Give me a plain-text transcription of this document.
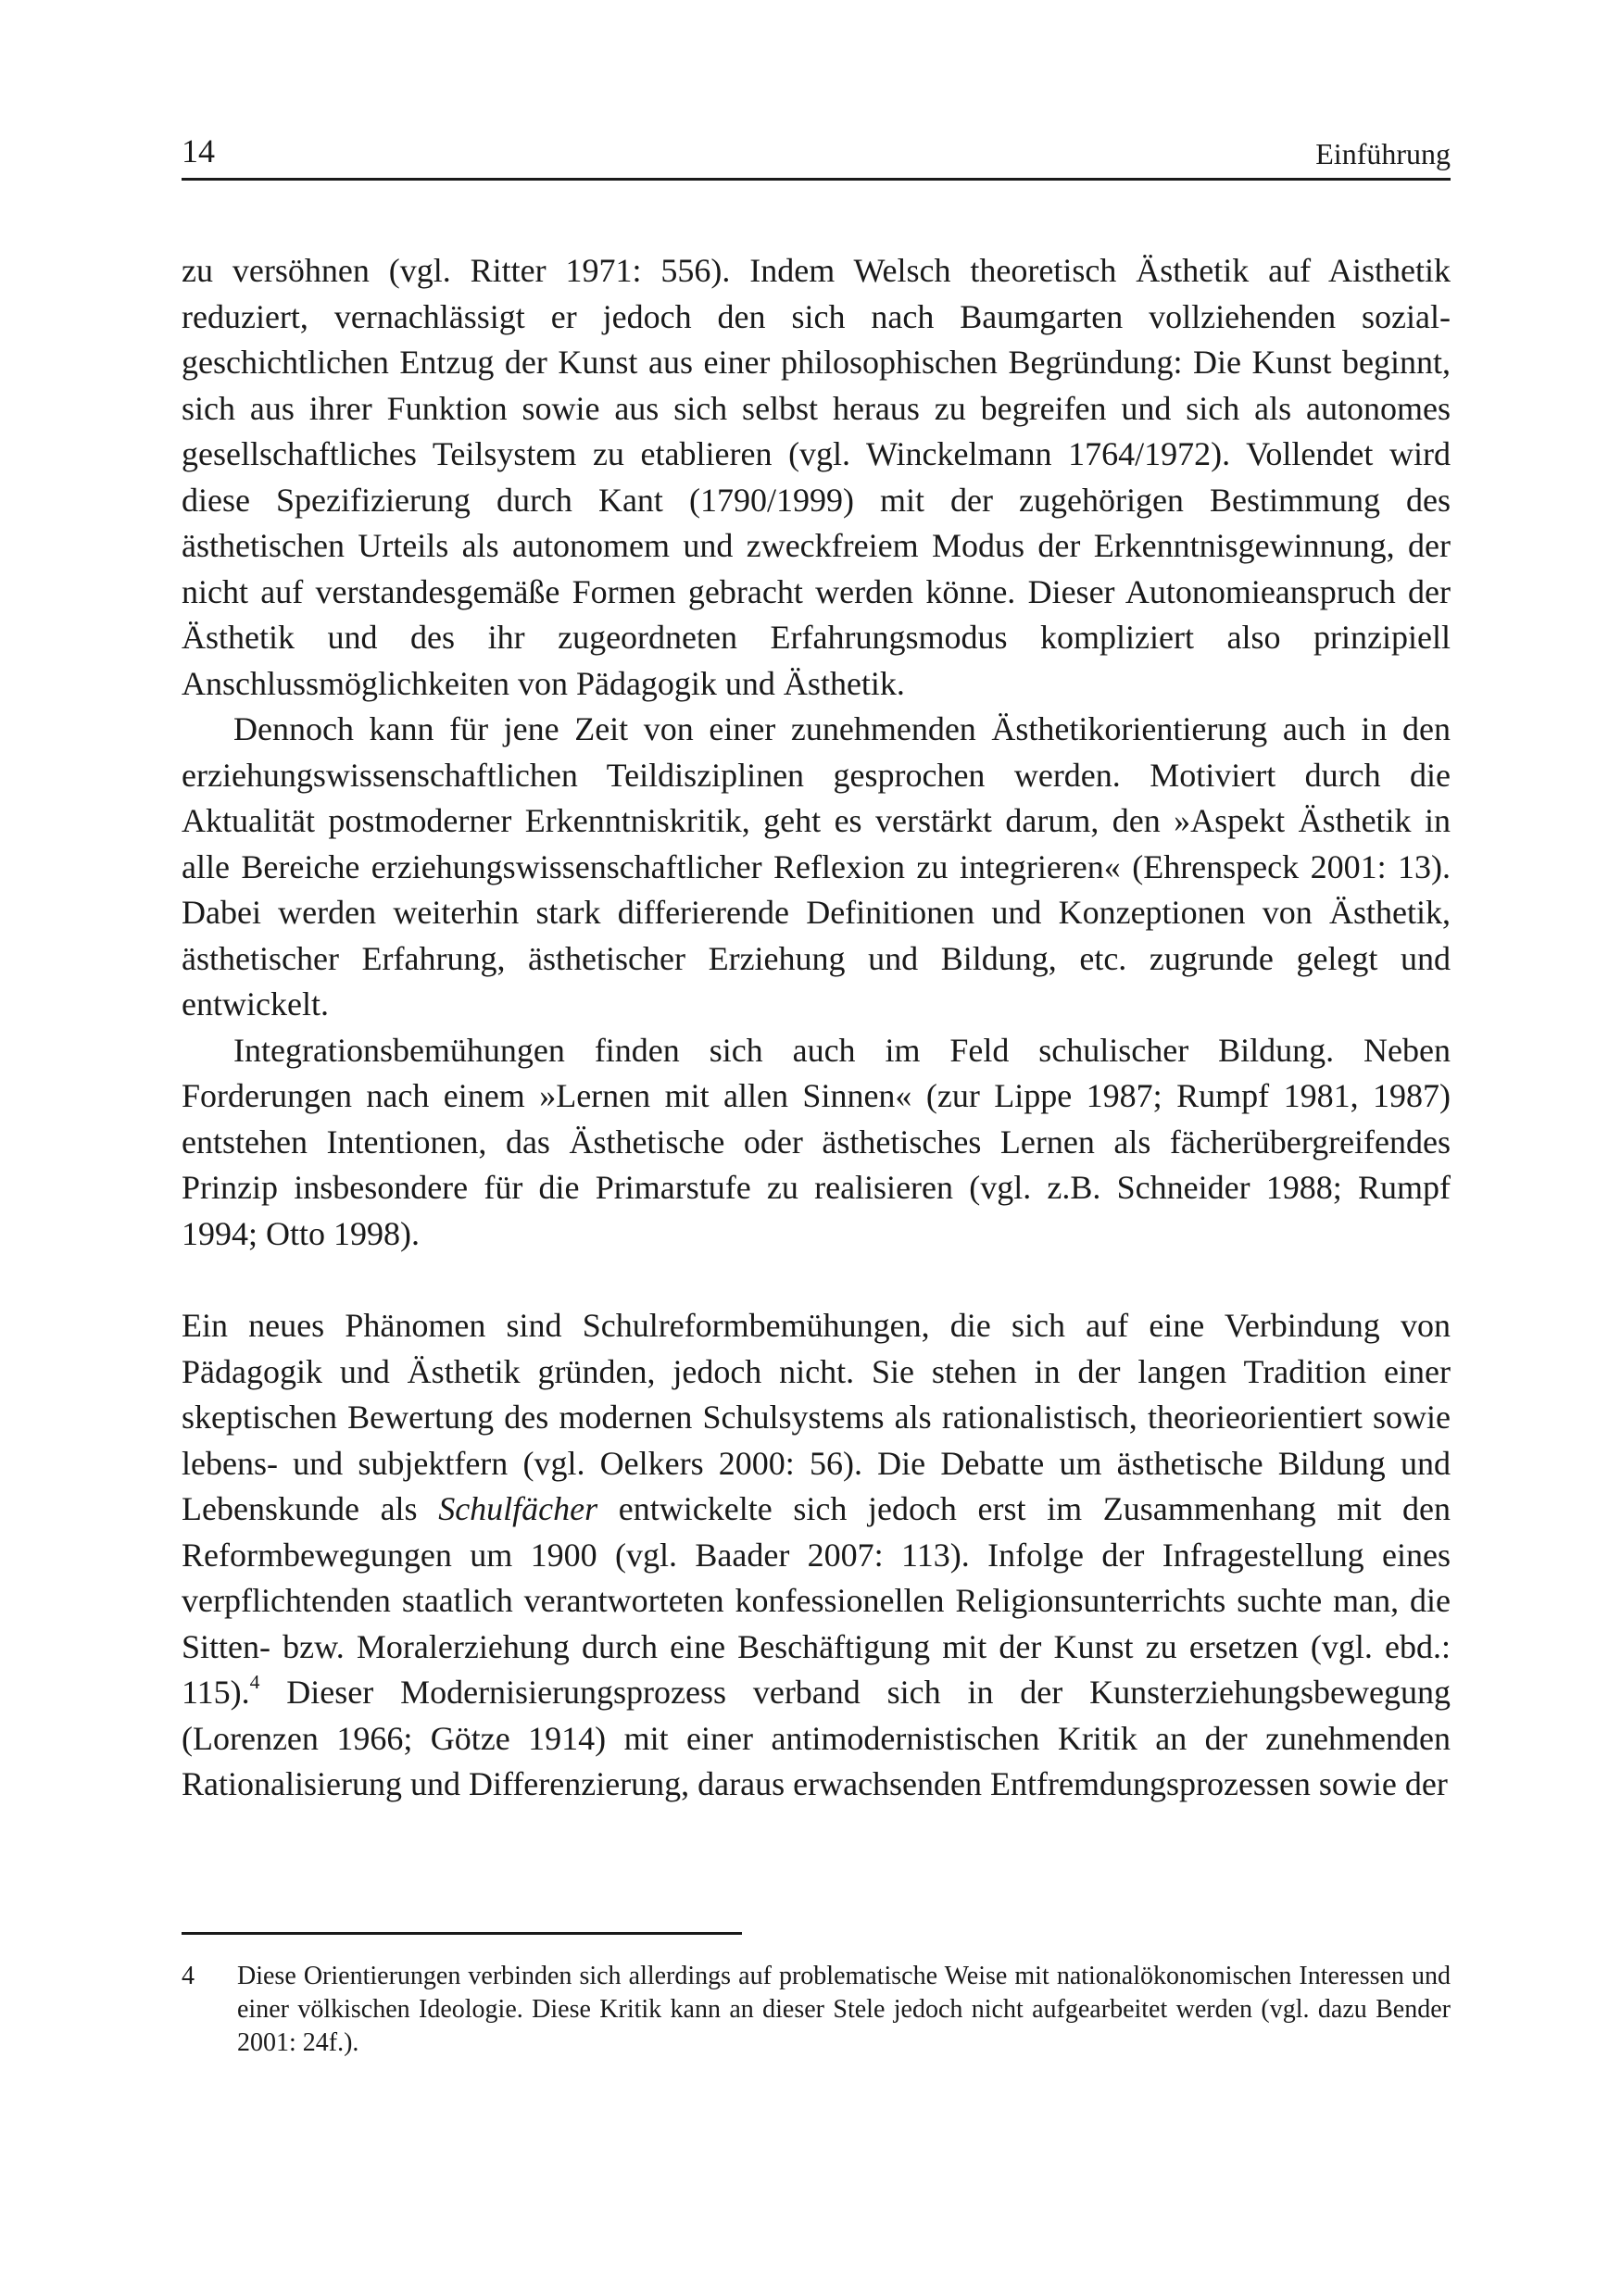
14	Einführung

zu versöhnen (vgl. Ritter 1971: 556). Indem Welsch theoretisch Ästhetik auf Aisthetik reduziert, vernachlässigt er jedoch den sich nach Baumgarten vollziehenden sozialgeschichtlichen Entzug der Kunst aus einer philosophischen Begründung: Die Kunst beginnt, sich aus ihrer Funktion sowie aus sich selbst heraus zu begreifen und sich als autonomes gesellschaftliches Teilsystem zu etablieren (vgl. Winckelmann 1764/1972). Vollendet wird diese Spezifizierung durch Kant (1790/1999) mit der zugehörigen Bestimmung des ästhetischen Urteils als autonomem und zweckfreiem Modus der Erkenntnisgewinnung, der nicht auf verstandesgemäße Formen gebracht werden könne. Dieser Autonomieanspruch der Ästhetik und des ihr zugeordneten Erfahrungsmodus kompliziert also prinzipiell Anschlussmöglichkeiten von Pädagogik und Ästhetik.

Dennoch kann für jene Zeit von einer zunehmenden Ästhetikorientierung auch in den erziehungswissenschaftlichen Teildisziplinen gesprochen werden. Motiviert durch die Aktualität postmoderner Erkenntniskritik, geht es verstärkt darum, den »Aspekt Ästhetik in alle Bereiche erziehungswissenschaftlicher Reflexion zu integrieren« (Ehrenspeck 2001: 13). Dabei werden weiterhin stark differierende Definitionen und Konzeptionen von Ästhetik, ästhetischer Erfahrung, ästhetischer Erziehung und Bildung, etc. zugrunde gelegt und entwickelt.

Integrationsbemühungen finden sich auch im Feld schulischer Bildung. Neben Forderungen nach einem »Lernen mit allen Sinnen« (zur Lippe 1987; Rumpf 1981, 1987) entstehen Intentionen, das Ästhetische oder ästhetisches Lernen als fächerübergreifendes Prinzip insbesondere für die Primarstufe zu realisieren (vgl. z.B. Schneider 1988; Rumpf 1994; Otto 1998).

Ein neues Phänomen sind Schulreformbemühungen, die sich auf eine Verbindung von Pädagogik und Ästhetik gründen, jedoch nicht. Sie stehen in der langen Tradition einer skeptischen Bewertung des modernen Schulsystems als rationalistisch, theorieorientiert sowie lebens- und subjektfern (vgl. Oelkers 2000: 56). Die Debatte um ästhetische Bildung und Lebenskunde als Schulfächer entwickelte sich jedoch erst im Zusammenhang mit den Reformbewegungen um 1900 (vgl. Baader 2007: 113). Infolge der Infragestellung eines verpflichtenden staatlich verantworteten konfessionellen Religionsunterrichts suchte man, die Sitten- bzw. Moralerziehung durch eine Beschäftigung mit der Kunst zu ersetzen (vgl. ebd.: 115).$^4$ Dieser Modernisierungsprozess verband sich in der Kunsterziehungsbewegung (Lorenzen 1966; Götze 1914) mit einer antimodernistischen Kritik an der zunehmenden Rationalisierung und Differenzierung, daraus erwachsenden Entfremdungsprozessen sowie der

4	Diese Orientierungen verbinden sich allerdings auf problematische Weise mit nationalökonomischen Interessen und einer völkischen Ideologie. Diese Kritik kann an dieser Stele jedoch nicht aufgearbeitet werden (vgl. dazu Bender 2001: 24f.).
